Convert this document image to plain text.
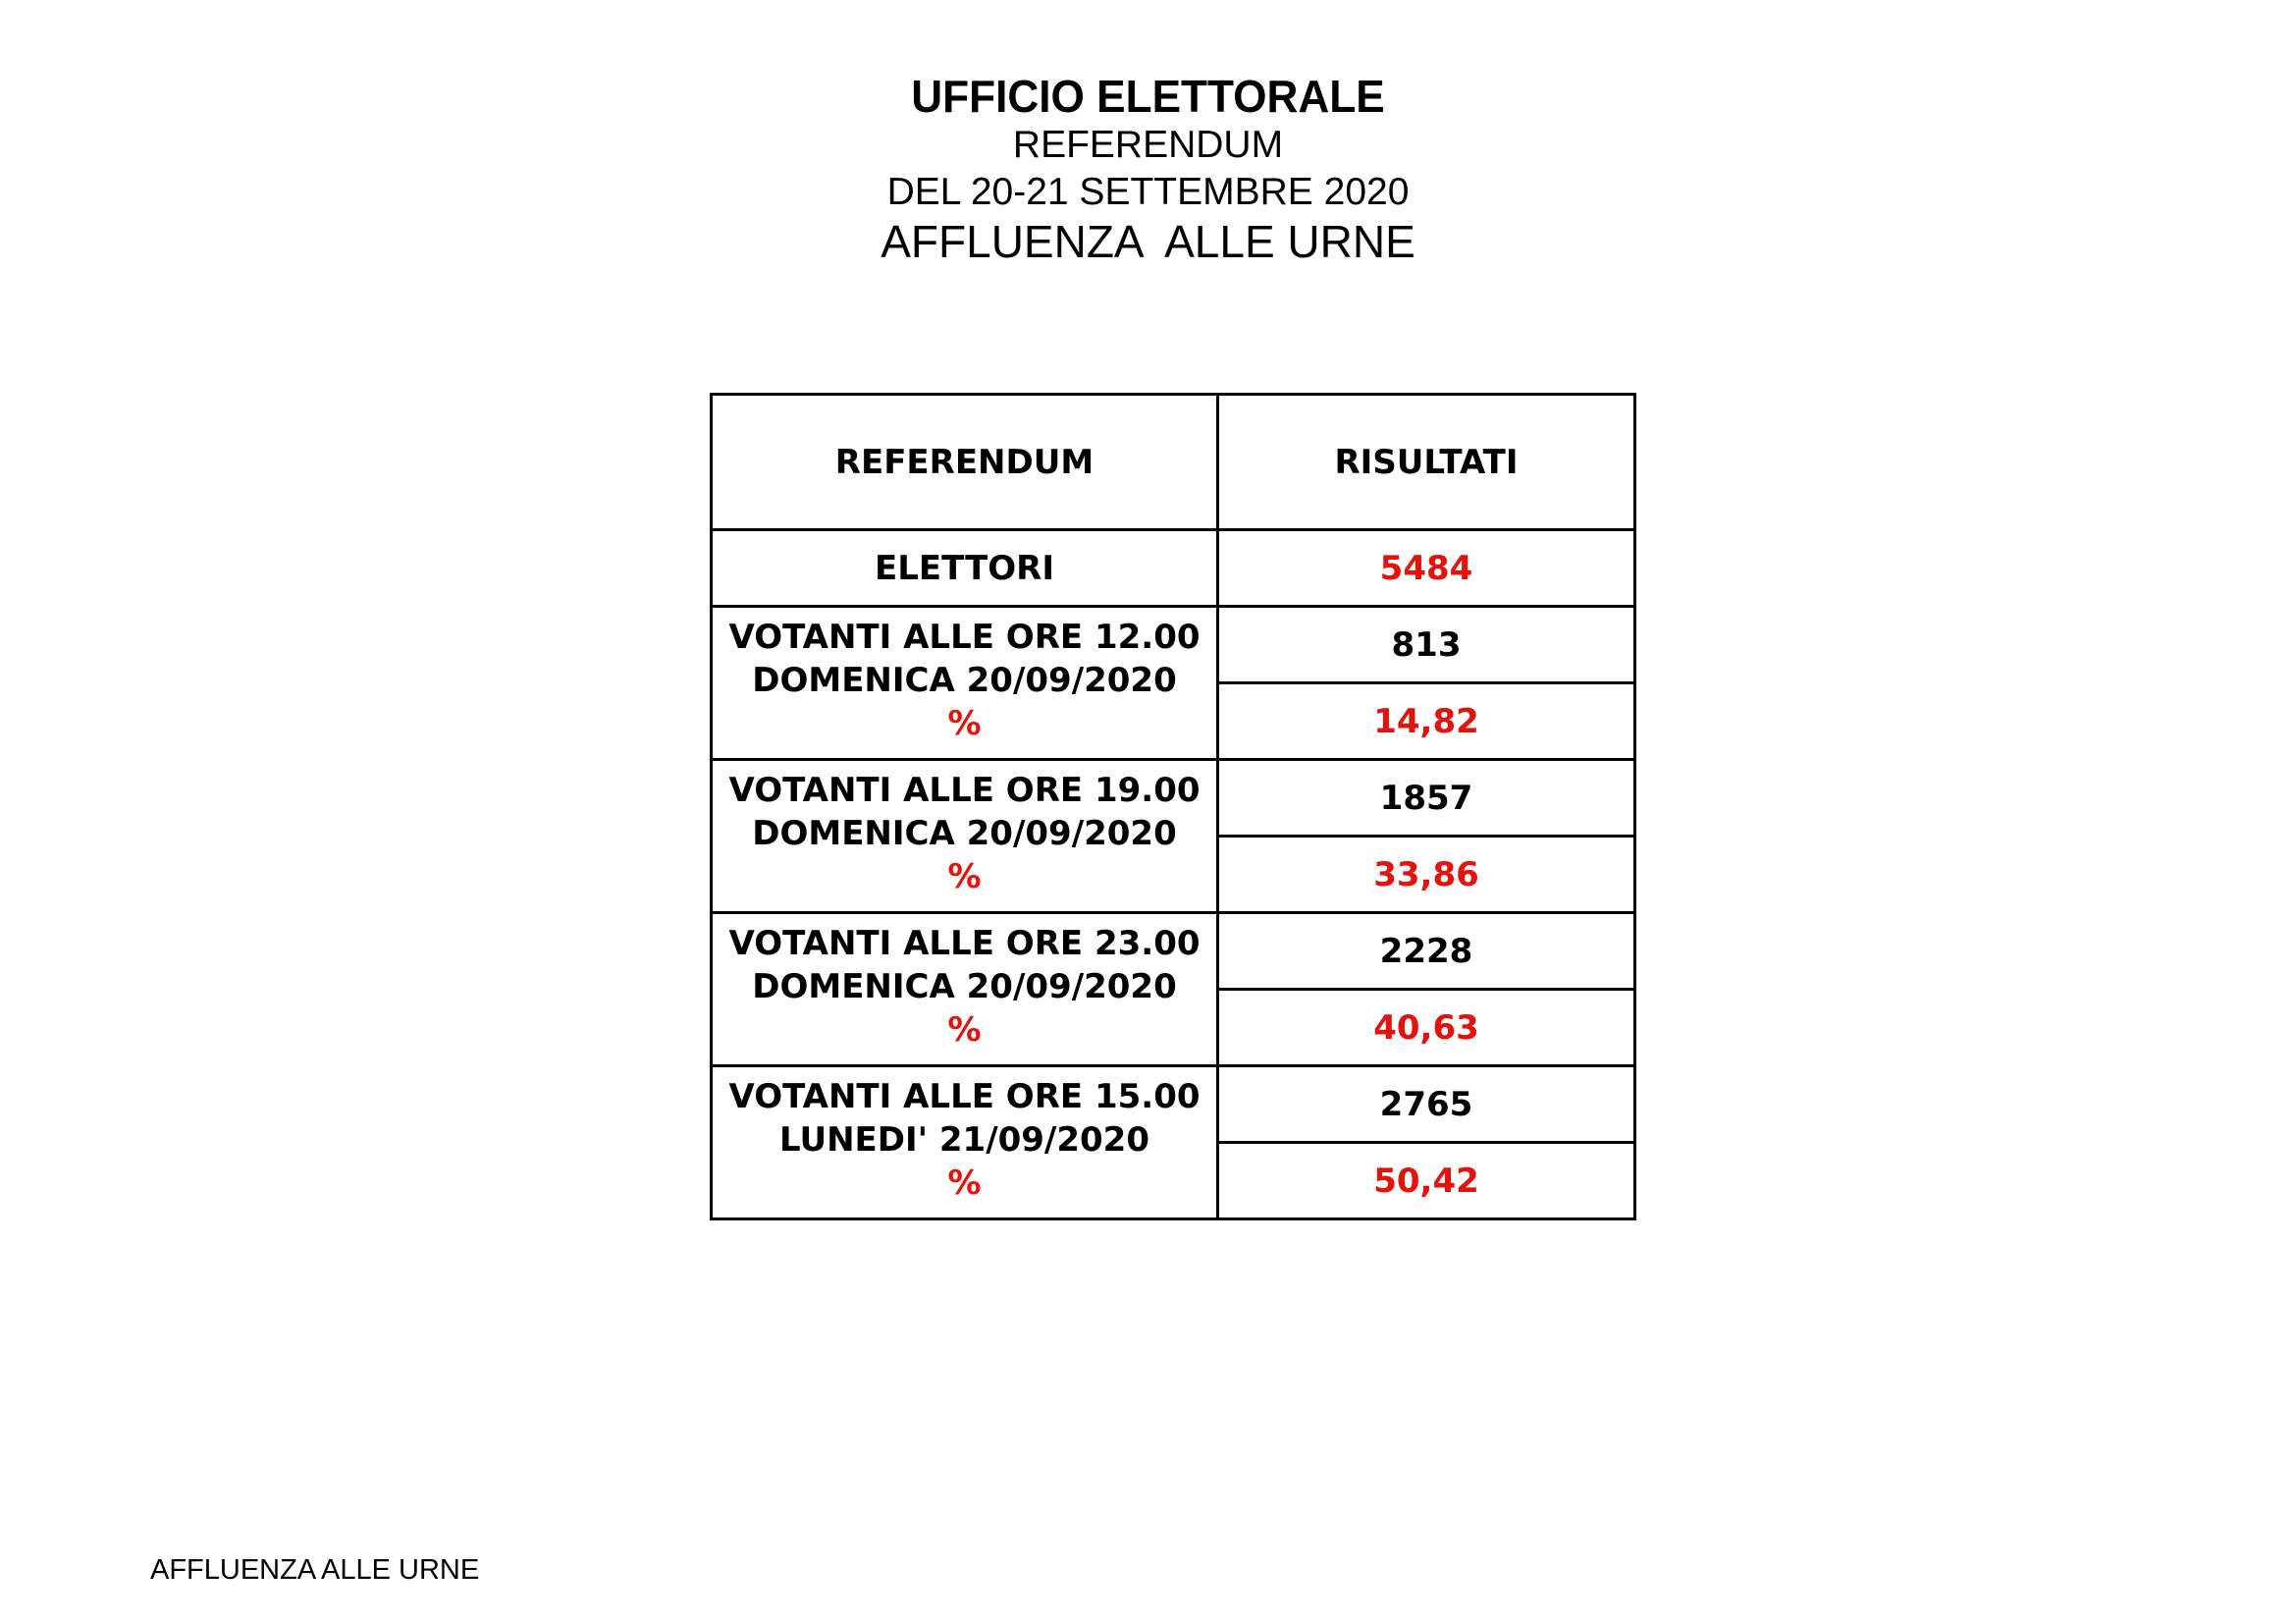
UFFICIO ELETTORALE
REFERENDUM
DEL 20-21 SETTEMBRE 2020
AFFLUENZA  ALLE URNE
REFERENDUM	RISULTATI
ELETTORI	5484

VOTANTI ALLE ORE 12.00
DOMENICA 20/09/2020
%	813
	14,82

VOTANTI ALLE ORE 19.00
DOMENICA 20/09/2020
%	1857
	33,86

VOTANTI ALLE ORE 23.00
DOMENICA 20/09/2020
%	2228
	40,63

VOTANTI ALLE ORE 15.00
LUNEDI' 21/09/2020
%	2765
	50,42
AFFLUENZA ALLE URNE
